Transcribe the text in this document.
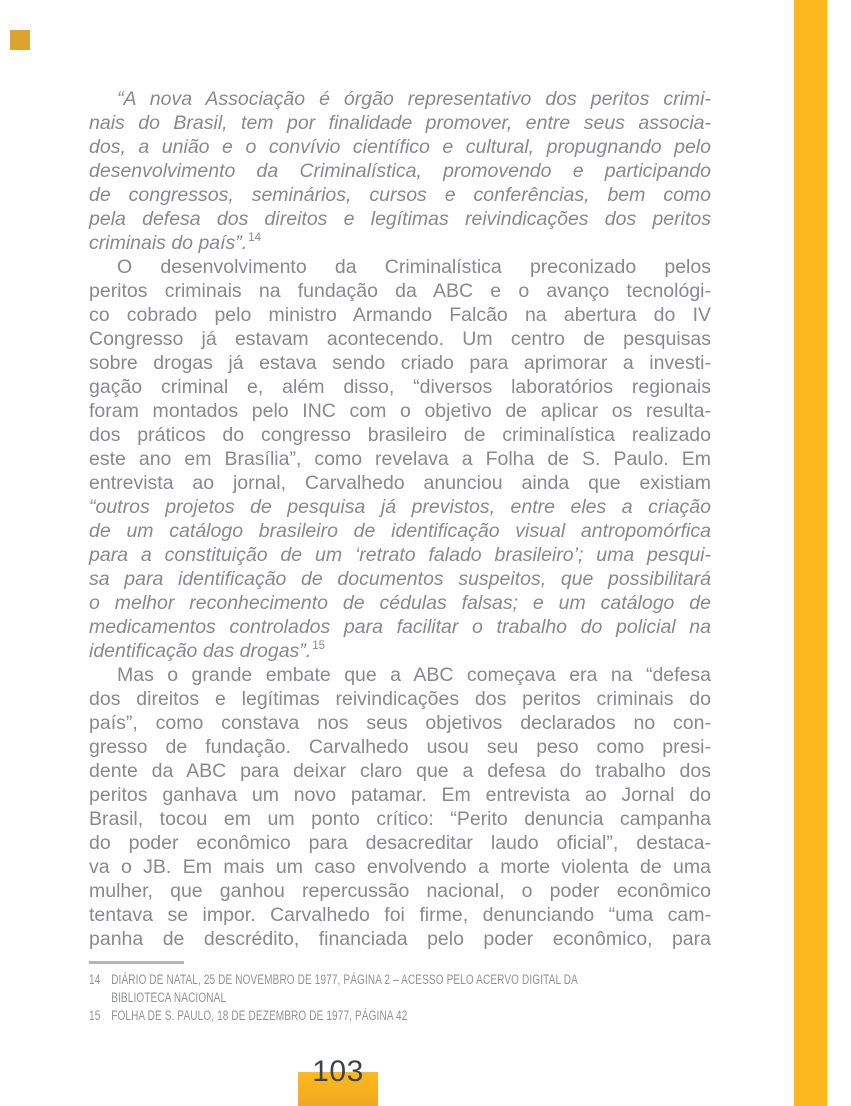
“A nova Associação é órgão representativo dos peritos crimi-
nais do Brasil, tem por finalidade promover, entre seus associa-
dos, a união e o convívio científico e cultural, propugnando pelo
desenvolvimento da Criminalística, promovendo e participando
de congressos, seminários, cursos e conferências, bem como
pela defesa dos direitos e legítimas reivindicações dos peritos
criminais do país”.$^{14}$
O desenvolvimento da Criminalística preconizado pelos
peritos criminais na fundação da ABC e o avanço tecnológi-
co cobrado pelo ministro Armando Falcão na abertura do IV
Congresso já estavam acontecendo. Um centro de pesquisas
sobre drogas já estava sendo criado para aprimorar a investi-
gação criminal e, além disso, “diversos laboratórios regionais
foram montados pelo INC com o objetivo de aplicar os resulta-
dos práticos do congresso brasileiro de criminalística realizado
este ano em Brasília”, como revelava a Folha de S. Paulo. Em
entrevista ao jornal, Carvalhedo anunciou ainda que existiam
“outros projetos de pesquisa já previstos, entre eles a criação
de um catálogo brasileiro de identificação visual antropomórfica
para a constituição de um ‘retrato falado brasileiro’; uma pesqui-
sa para identificação de documentos suspeitos, que possibilitará
o melhor reconhecimento de cédulas falsas; e um catálogo de
medicamentos controlados para facilitar o trabalho do policial na
identificação das drogas”.$^{15}$
Mas o grande embate que a ABC começava era na “defesa
dos direitos e legítimas reivindicações dos peritos criminais do
país”, como constava nos seus objetivos declarados no con-
gresso de fundação. Carvalhedo usou seu peso como presi-
dente da ABC para deixar claro que a defesa do trabalho dos
peritos ganhava um novo patamar. Em entrevista ao Jornal do
Brasil, tocou em um ponto crítico: “Perito denuncia campanha
do poder econômico para desacreditar laudo oficial”, destaca-
va o JB. Em mais um caso envolvendo a morte violenta de uma
mulher, que ganhou repercussão nacional, o poder econômico
tentava se impor. Carvalhedo foi firme, denunciando “uma cam-
panha de descrédito, financiada pelo poder econômico, para
14 DIÁRIO DE NATAL, 25 DE NOVEMBRO DE 1977, PÁGINA 2 – ACESSO PELO ACERVO DIGITAL DA BIBLIOTECA NACIONAL
15 FOLHA DE S. PAULO, 18 DE DEZEMBRO DE 1977, PÁGINA 42
103
